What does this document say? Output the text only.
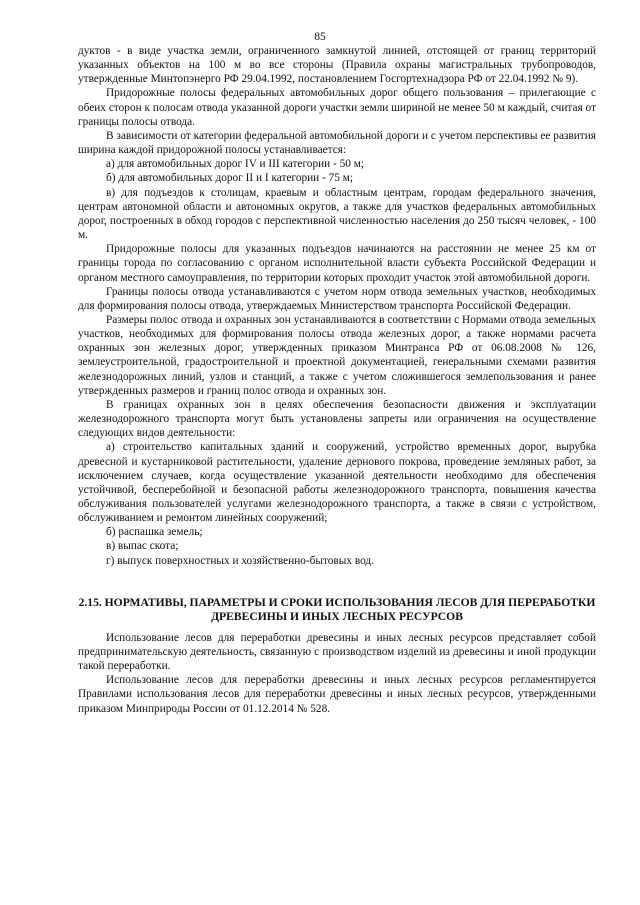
85

дуктов - в виде участка земли, ограниченного замкнутой линией, отстоящей от границ территорий указанных объектов на 100 м во все стороны (Правила охраны магистральных трубопроводов, утвержденные Минтопэнерго РФ 29.04.1992, постановлением Госгортехнадзора РФ от 22.04.1992 № 9).

Придорожные полосы федеральных автомобильных дорог общего пользования – прилегающие с обеих сторон к полосам отвода указанной дороги участки земли шириной не менее 50 м каждый, считая от границы полосы отвода.

В зависимости от категории федеральной автомобильной дороги и с учетом перспективы ее развития ширина каждой придорожной полосы устанавливается:

а) для автомобильных дорог IV и III категории - 50 м;

б) для автомобильных дорог II и I категории - 75 м;

в) для подъездов к столицам, краевым и областным центрам, городам федерального значения, центрам автономной области и автономных округов, а также для участков федеральных автомобильных дорог, построенных в обход городов с перспективной численностью населения до 250 тысяч человек, - 100 м.

Придорожные полосы для указанных подъездов начинаются на расстоянии не менее 25 км от границы города по согласованию с органом исполнительной власти субъекта Российской Федерации и органом местного самоуправления, по территории которых проходит участок этой автомобильной дороги.

Границы полосы отвода устанавливаются с учетом норм отвода земельных участков, необходимых для формирования полосы отвода, утверждаемых Министерством транспорта Российской Федерации.

Размеры полос отвода и охранных зон устанавливаются в соответствии с Нормами отвода земельных участков, необходимых для формирования полосы отвода железных дорог, а также нормами расчета охранных зон железных дорог, утвержденных приказом Минтранса РФ от 06.08.2008 № 126, землеустроительной, градостроительной и проектной документацией, генеральными схемами развития железнодорожных линий, узлов и станций, а также с учетом сложившегося землепользования и ранее утвержденных размеров и границ полос отвода и охранных зон.

В границах охранных зон в целях обеспечения безопасности движения и эксплуатации железнодорожного транспорта могут быть установлены запреты или ограничения на осуществление следующих видов деятельности:

а) строительство капитальных зданий и сооружений, устройство временных дорог, вырубка древесной и кустарниковой растительности, удаление дернового покрова, проведение земляных работ, за исключением случаев, когда осуществление указанной деятельности необходимо для обеспечения устойчивой, бесперебойной и безопасной работы железнодорожного транспорта, повышения качества обслуживания пользователей услугами железнодорожного транспорта, а также в связи с устройством, обслуживанием и ремонтом линейных сооружений;

б) распашка земель;

в) выпас скота;

г) выпуск поверхностных и хозяйственно-бытовых вод.

2.15. НОРМАТИВЫ, ПАРАМЕТРЫ И СРОКИ ИСПОЛЬЗОВАНИЯ ЛЕСОВ ДЛЯ ПЕРЕРАБОТКИ ДРЕВЕСИНЫ И ИНЫХ ЛЕСНЫХ РЕСУРСОВ

Использование лесов для переработки древесины и иных лесных ресурсов представляет собой предпринимательскую деятельность, связанную с производством изделий из древесины и иной продукции такой переработки.

Использование лесов для переработки древесины и иных лесных ресурсов регламентируется Правилами использования лесов для переработки древесины и иных лесных ресурсов, утвержденными приказом Минприроды России от 01.12.2014 № 528.
